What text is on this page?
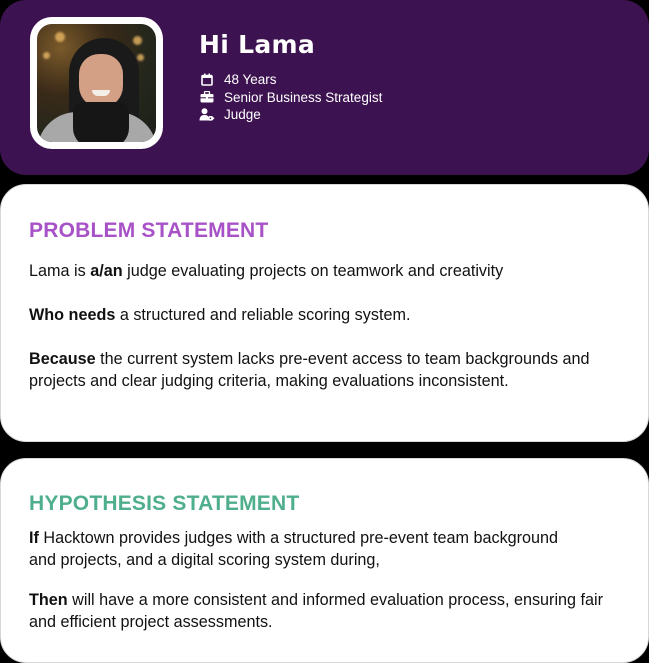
Hi Lama
48 Years
Senior Business Strategist
Judge
PROBLEM STATEMENT

Lama is a/an judge evaluating projects on teamwork and creativity

Who needs a structured and reliable scoring system.

Because the current system lacks pre-event access to team backgrounds and projects and clear judging criteria, making evaluations inconsistent.

HYPOTHESIS STATEMENT

If Hacktown provides judges with a structured pre-event team background and projects, and a digital scoring system during,

Then will have a more consistent and informed evaluation process, ensuring fair and efficient project assessments.
